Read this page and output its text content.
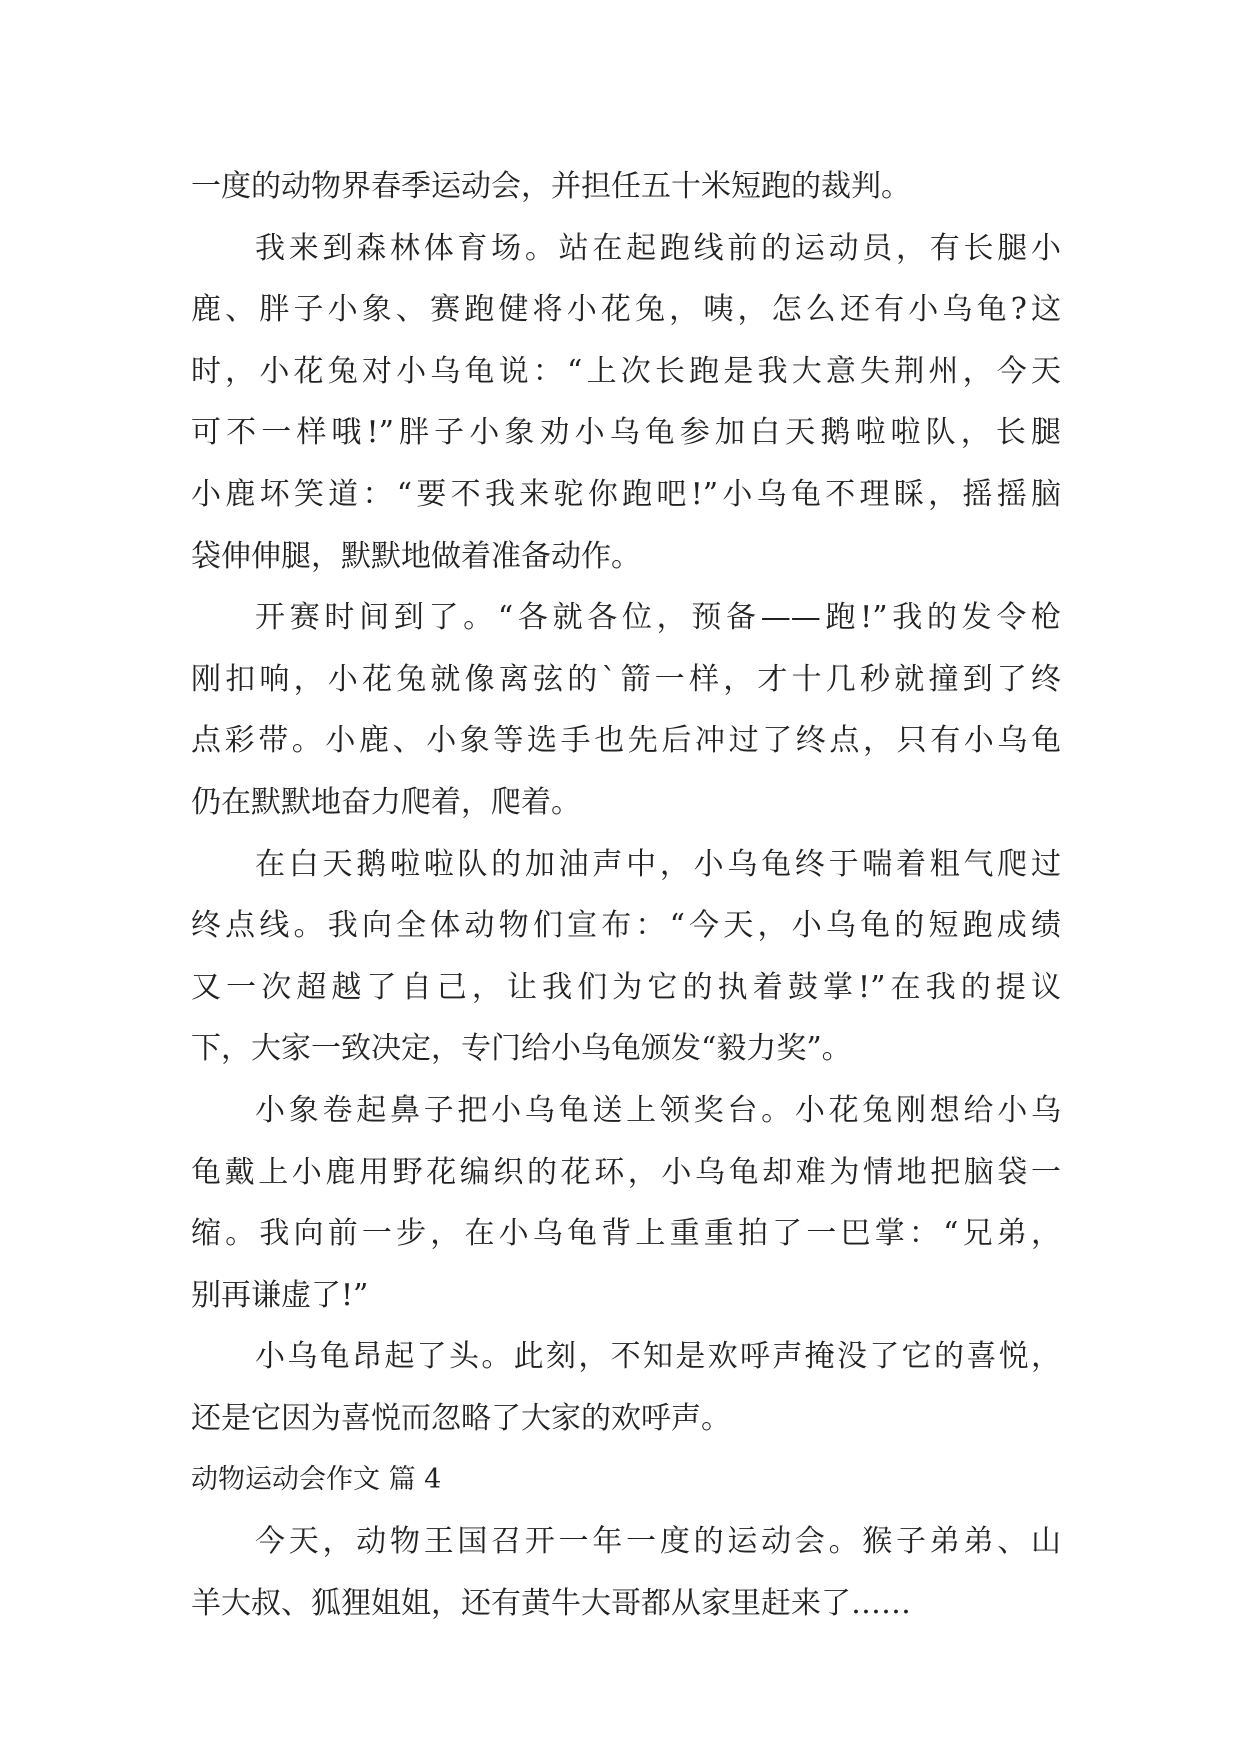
一度的动物界春季运动会，并担任五十米短跑的裁判。
我来到森林体育场。站在起跑线前的运动员，有长腿小
鹿、胖子小象、赛跑健将小花兔，咦，怎么还有小乌龟?这
时，小花兔对小乌龟说：“上次长跑是我大意失荆州，今天
可不一样哦!”胖子小象劝小乌龟参加白天鹅啦啦队，长腿
小鹿坏笑道：“要不我来驼你跑吧!”小乌龟不理睬，摇摇脑
袋伸伸腿，默默地做着准备动作。
开赛时间到了。“各就各位，预备——跑!”我的发令枪
刚扣响，小花兔就像离弦的`箭一样，才十几秒就撞到了终
点彩带。小鹿、小象等选手也先后冲过了终点，只有小乌龟
仍在默默地奋力爬着，爬着。
在白天鹅啦啦队的加油声中，小乌龟终于喘着粗气爬过
终点线。我向全体动物们宣布：“今天，小乌龟的短跑成绩
又一次超越了自己，让我们为它的执着鼓掌!”在我的提议
下，大家一致决定，专门给小乌龟颁发“毅力奖”。
小象卷起鼻子把小乌龟送上领奖台。小花兔刚想给小乌
龟戴上小鹿用野花编织的花环，小乌龟却难为情地把脑袋一
缩。我向前一步，在小乌龟背上重重拍了一巴掌：“兄弟，
别再谦虚了!”
小乌龟昂起了头。此刻，不知是欢呼声掩没了它的喜悦，
还是它因为喜悦而忽略了大家的欢呼声。
动物运动会作文 篇 4
今天，动物王国召开一年一度的运动会。猴子弟弟、山
羊大叔、狐狸姐姐，还有黄牛大哥都从家里赶来了……
